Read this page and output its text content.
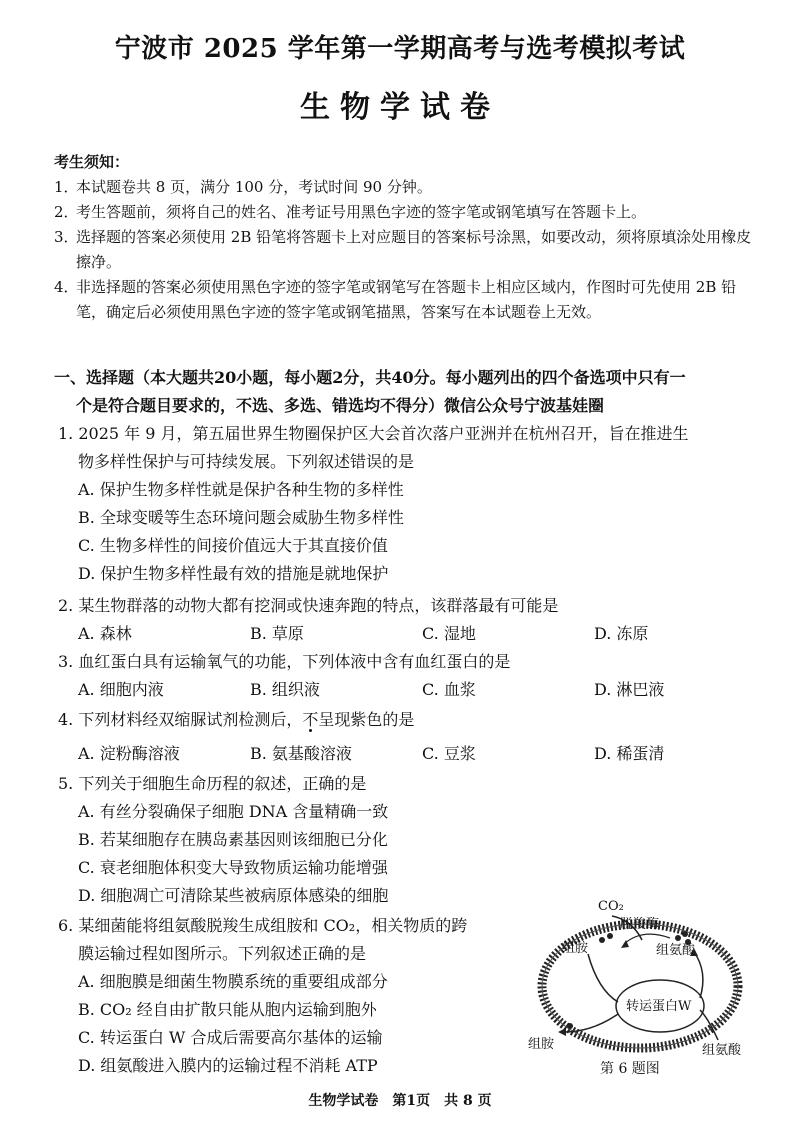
宁波市 2025 学年第一学期高考与选考模拟考试
生物学试卷
考生须知：
1．
本试题卷共 8 页，满分 100 分，考试时间 90 分钟。
2．
考生答题前，须将自己的姓名、准考证号用黑色字迹的签字笔或钢笔填写在答题卡上。
3．
选择题的答案必须使用 2B 铅笔将答题卡上对应题目的答案标号涂黑，如要改动，须将原填涂处用橡皮擦净。
4．
非选择题的答案必须使用黑色字迹的签字笔或钢笔写在答题卡上相应区域内，作图时可先使用 2B 铅笔，确定后必须使用黑色字迹的签字笔或钢笔描黑，答案写在本试题卷上无效。
一、选择题（本大题共20小题，每小题2分，共40分。每小题列出的四个备选项中只有一
个是符合题目要求的，不选、多选、错选均不得分）微信公众号宁波基娃圈
1. 2025 年 9 月，第五届世界生物圈保护区大会首次落户亚洲并在杭州召开，旨在推进生
物多样性保护与可持续发展。下列叙述错误的是
A. 保护生物多样性就是保护各种生物的多样性
B. 全球变暖等生态环境问题会威胁生物多样性
C. 生物多样性的间接价值远大于其直接价值
D. 保护生物多样性最有效的措施是就地保护
2. 某生物群落的动物大都有挖洞或快速奔跑的特点，该群落最有可能是
A. 森林	B. 草原	C. 湿地	D. 冻原
3. 血红蛋白具有运输氧气的功能，下列体液中含有血红蛋白的是
A. 细胞内液	B. 组织液	C. 血浆	D. 淋巴液
4. 下列材料经双缩脲试剂检测后，不呈现紫色的是
A. 淀粉酶溶液	B. 氨基酸溶液	C. 豆浆	D. 稀蛋清
5. 下列关于细胞生命历程的叙述，正确的是
A. 有丝分裂确保子细胞 DNA 含量精确一致
B. 若某细胞存在胰岛素基因则该细胞已分化
C. 衰老细胞体积变大导致物质运输功能增强
D. 细胞凋亡可清除某些被病原体感染的细胞
6. 某细菌能将组氨酸脱羧生成组胺和 CO₂，相关物质的跨
膜运输过程如图所示。下列叙述正确的是
A. 细胞膜是细菌生物膜系统的重要组成部分
B. CO₂ 经自由扩散只能从胞内运输到胞外
C. 转运蛋白 W 合成后需要高尔基体的运输
D. 组氨酸进入膜内的运输过程不消耗 ATP
CO₂
脱羧酶
组胺	组氨酸
转运蛋白W
组胺	组氨酸
第 6 题图
生物学试卷　第1页　共 8 页
